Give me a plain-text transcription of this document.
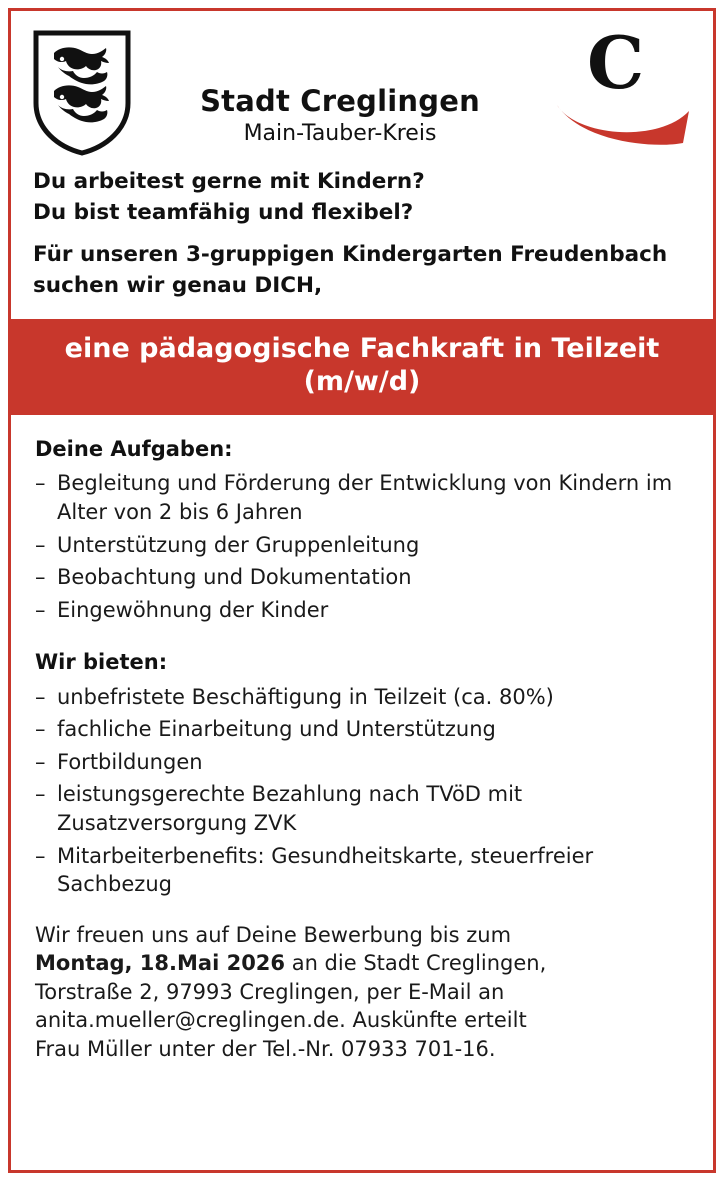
Stadt Creglingen
Main-Tauber-Kreis
C

Du arbeitest gerne mit Kindern?

Du bist teamfähig und flexibel?

Für unseren 3-gruppigen Kindergarten Freudenbach

suchen wir genau DICH,

eine pädagogische Fachkraft in Teilzeit
(m/w/d)
Deine Aufgaben:
– Begleitung und Förderung der Entwicklung von Kindern im Alter von 2 bis 6 Jahren
– Unterstützung der Gruppenleitung
– Beobachtung und Dokumentation
– Eingewöhnung der Kinder
Wir bieten:
– unbefristete Beschäftigung in Teilzeit (ca. 80%)
– fachliche Einarbeitung und Unterstützung
– Fortbildungen
– leistungsgerechte Bezahlung nach TVöD mit Zusatzversorgung ZVK
– Mitarbeiterbenefits: Gesundheitskarte, steuerfreier Sachbezug

Wir freuen uns auf Deine Bewerbung bis zum

Montag, 18.Mai 2026 an die Stadt Creglingen,

Torstraße 2, 97993 Creglingen, per E-Mail an

anita.mueller@creglingen.de. Auskünfte erteilt

Frau Müller unter der Tel.-Nr. 07933 701-16.
